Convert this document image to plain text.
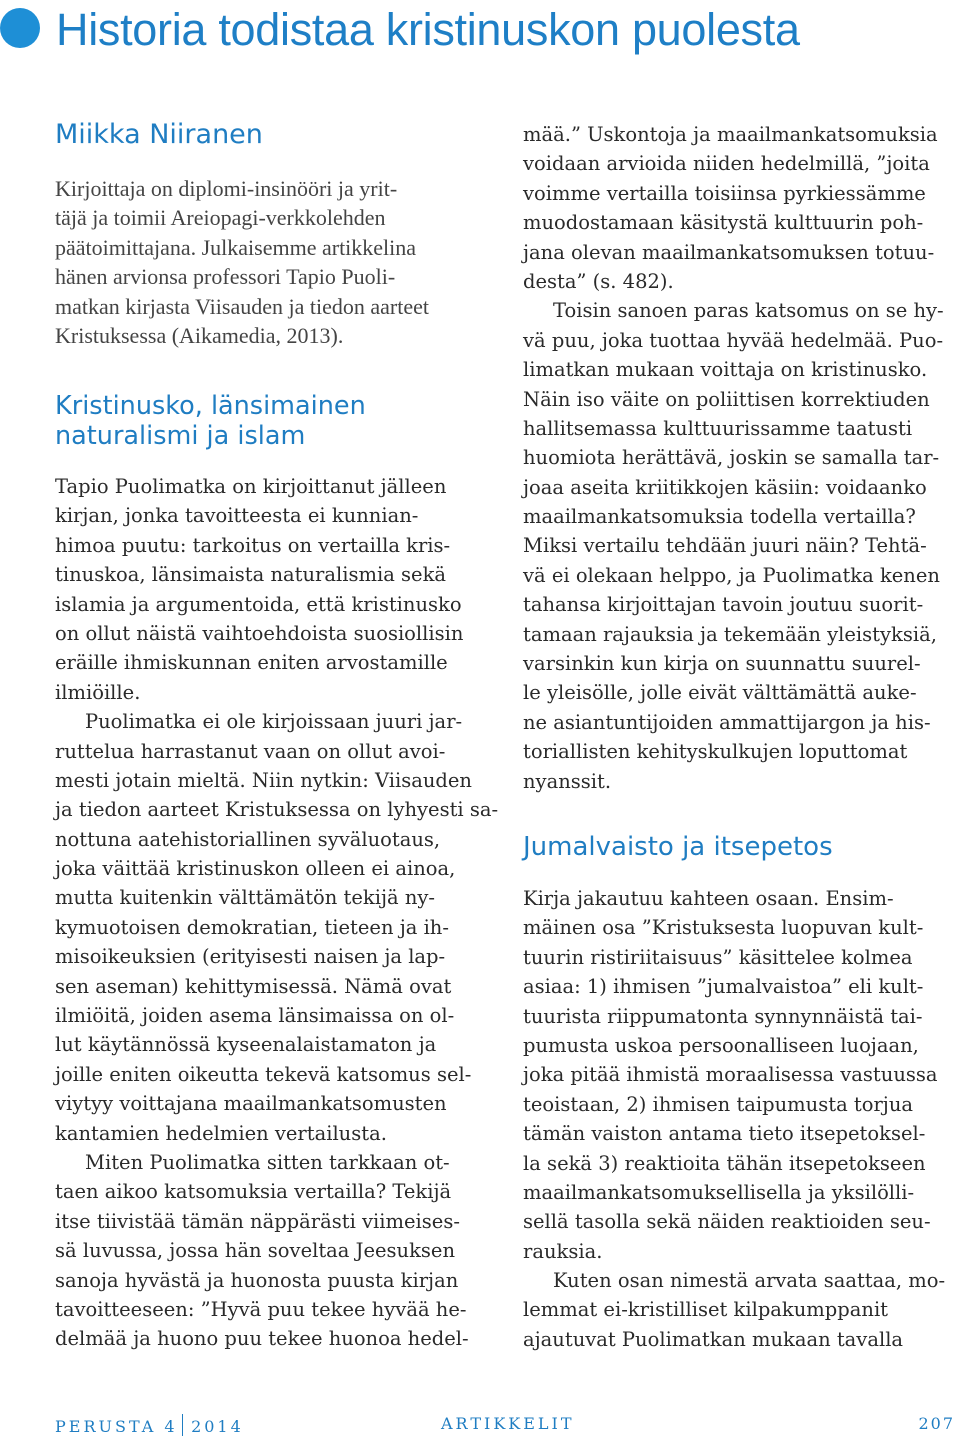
Historia todistaa kristinuskon puolesta
Miikka Niiranen
Kirjoittaja on diplomi-insinööri ja yrit-
täjä ja toimii Areiopagi-verkkolehden
päätoimittajana. Julkaisemme artikkelina
hänen arvionsa professori Tapio Puoli-
matkan kirjasta Viisauden ja tiedon aarteet
Kristuksessa (Aikamedia, 2013).
Kristinusko, länsimainen
naturalismi ja islam
Tapio Puolimatka on kirjoittanut jälleen
kirjan, jonka tavoitteesta ei kunnian-
himoa puutu: tarkoitus on vertailla kris-
tinuskoa, länsimaista naturalismia sekä
islamia ja argumentoida, että kristinusko
on ollut näistä vaihtoehdoista suosiollisin
eräille ihmiskunnan eniten arvostamille
ilmiöille.
Puolimatka ei ole kirjoissaan juuri jar-
ruttelua harrastanut vaan on ollut avoi-
mesti jotain mieltä. Niin nytkin: Viisauden
ja tiedon aarteet Kristuksessa on lyhyesti sa-
nottuna aatehistoriallinen syväluotaus,
joka väittää kristinuskon olleen ei ainoa,
mutta kuitenkin välttämätön tekijä ny-
kymuotoisen demokratian, tieteen ja ih-
misoikeuksien (erityisesti naisen ja lap-
sen aseman) kehittymisessä. Nämä ovat
ilmiöitä, joiden asema länsimaissa on ol-
lut käytännössä kyseenalaistamaton ja
joille eniten oikeutta tekevä katsomus sel-
viytyy voittajana maailmankatsomusten
kantamien hedelmien vertailusta.
Miten Puolimatka sitten tarkkaan ot-
taen aikoo katsomuksia vertailla? Tekijä
itse tiivistää tämän näppärästi viimeises-
sä luvussa, jossa hän soveltaa Jeesuksen
sanoja hyvästä ja huonosta puusta kirjan
tavoitteeseen: ”Hyvä puu tekee hyvää he-
delmää ja huono puu tekee huonoa hedel-
mää.” Uskontoja ja maailmankatsomuksia
voidaan arvioida niiden hedelmillä, ”joita
voimme vertailla toisiinsa pyrkiessämme
muodostamaan käsitystä kulttuurin poh-
jana olevan maailmankatsomuksen totuu-
desta” (s. 482).
Toisin sanoen paras katsomus on se hy-
vä puu, joka tuottaa hyvää hedelmää. Puo-
limatkan mukaan voittaja on kristinusko.
Näin iso väite on poliittisen korrektiuden
hallitsemassa kulttuurissamme taatusti
huomiota herättävä, joskin se samalla tar-
joaa aseita kriitikkojen käsiin: voidaanko
maailmankatsomuksia todella vertailla?
Miksi vertailu tehdään juuri näin? Tehtä-
vä ei olekaan helppo, ja Puolimatka kenen
tahansa kirjoittajan tavoin joutuu suorit-
tamaan rajauksia ja tekemään yleistyksiä,
varsinkin kun kirja on suunnattu suurel-
le yleisölle, jolle eivät välttämättä auke-
ne asiantuntijoiden ammattijargon ja his-
toriallisten kehityskulkujen loputtomat
nyanssit.
Jumalvaisto ja itsepetos
Kirja jakautuu kahteen osaan. Ensim-
mäinen osa ”Kristuksesta luopuvan kult-
tuurin ristiriitaisuus” käsittelee kolmea
asiaa: 1) ihmisen ”jumalvaistoa” eli kult-
tuurista riippumatonta synnynnäistä tai-
pumusta uskoa persoonalliseen luojaan,
joka pitää ihmistä moraalisessa vastuussa
teoistaan, 2) ihmisen taipumusta torjua
tämän vaiston antama tieto itsepetoksel-
la sekä 3) reaktioita tähän itsepetokseen
maailmankatsomuksellisella ja yksilölli-
sellä tasolla sekä näiden reaktioiden seu-
rauksia.
Kuten osan nimestä arvata saattaa, mo-
lemmat ei-kristilliset kilpakumppanit
ajautuvat Puolimatkan mukaan tavalla
PERUSTA 4 2014	ARTIKKELIT	207
